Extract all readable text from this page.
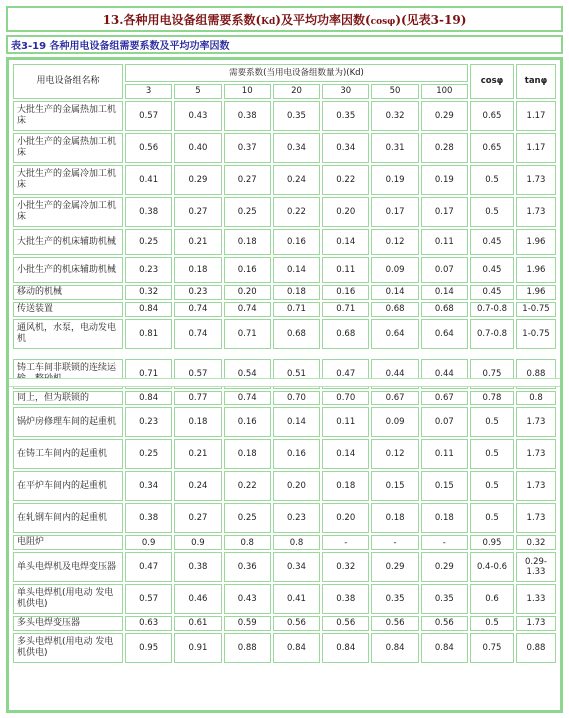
13.各种用电设备组需要系数(Kd)及平均功率因数(cosφ)(见表3-19)
表3-19 各种用电设备组需要系数及平均功率因数
用电设备组名称	需要系数(当用电设备组数量为)(Kd)							cosφ	tanφ
	3	5	10	20	30	50	100		
大批生产的金属热加工机床	0.57	0.43	0.38	0.35	0.35	0.32	0.29	0.65	1.17
小批生产的金属热加工机床	0.56	0.40	0.37	0.34	0.34	0.31	0.28	0.65	1.17
大批生产的金属冷加工机床	0.41	0.29	0.27	0.24	0.22	0.19	0.19	0.5	1.73
小批生产的金属冷加工机床	0.38	0.27	0.25	0.22	0.20	0.17	0.17	0.5	1.73
大批生产的机床辅助机械	0.25	0.21	0.18	0.16	0.14	0.12	0.11	0.45	1.96
小批生产的机床辅助机械	0.23	0.18	0.16	0.14	0.11	0.09	0.07	0.45	1.96
移动的机械	0.32	0.23	0.20	0.18	0.16	0.14	0.14	0.45	1.96
传送装置	0.84	0.74	0.74	0.71	0.71	0.68	0.68	0.7-0.8	1-0.75
通风机，水泵，电动发电机	0.81	0.74	0.71	0.68	0.68	0.64	0.64	0.7-0.8	1-0.75
铸工车间非联锁的连续运	0.71	0.57	0.54	0.51	0.47	0.44	0.44	0.75	0.88
同上，但为联锁的	0.84	0.77	0.74	0.70	0.70	0.67	0.67	0.78	0.8
锅炉房修理车间的起重机	0.23	0.18	0.16	0.14	0.11	0.09	0.07	0.5	1.73
在铸工车间内的起重机	0.25	0.21	0.18	0.16	0.14	0.12	0.11	0.5	1.73
在平炉车间内的起重机	0.34	0.24	0.22	0.20	0.18	0.15	0.15	0.5	1.73
在轧钢车间内的起重机	0.38	0.27	0.25	0.23	0.20	0.18	0.18	0.5	1.73
电阻炉	0.9	0.9	0.8	0.8	-	-	-	0.95	0.32
单头电焊机及电焊变压器	0.47	0.38	0.36	0.34	0.32	0.29	0.29	0.4-0.6	0.29-1.33
单头电焊机(用电动 发电机供电)	0.57	0.46	0.43	0.41	0.38	0.35	0.35	0.6	1.33
多头电焊变压器	0.63	0.61	0.59	0.56	0.56	0.56	0.56	0.5	1.73
多头电焊机(用电动 发电机供电)	0.95	0.91	0.88	0.84	0.84	0.84	0.84	0.75	0.88
